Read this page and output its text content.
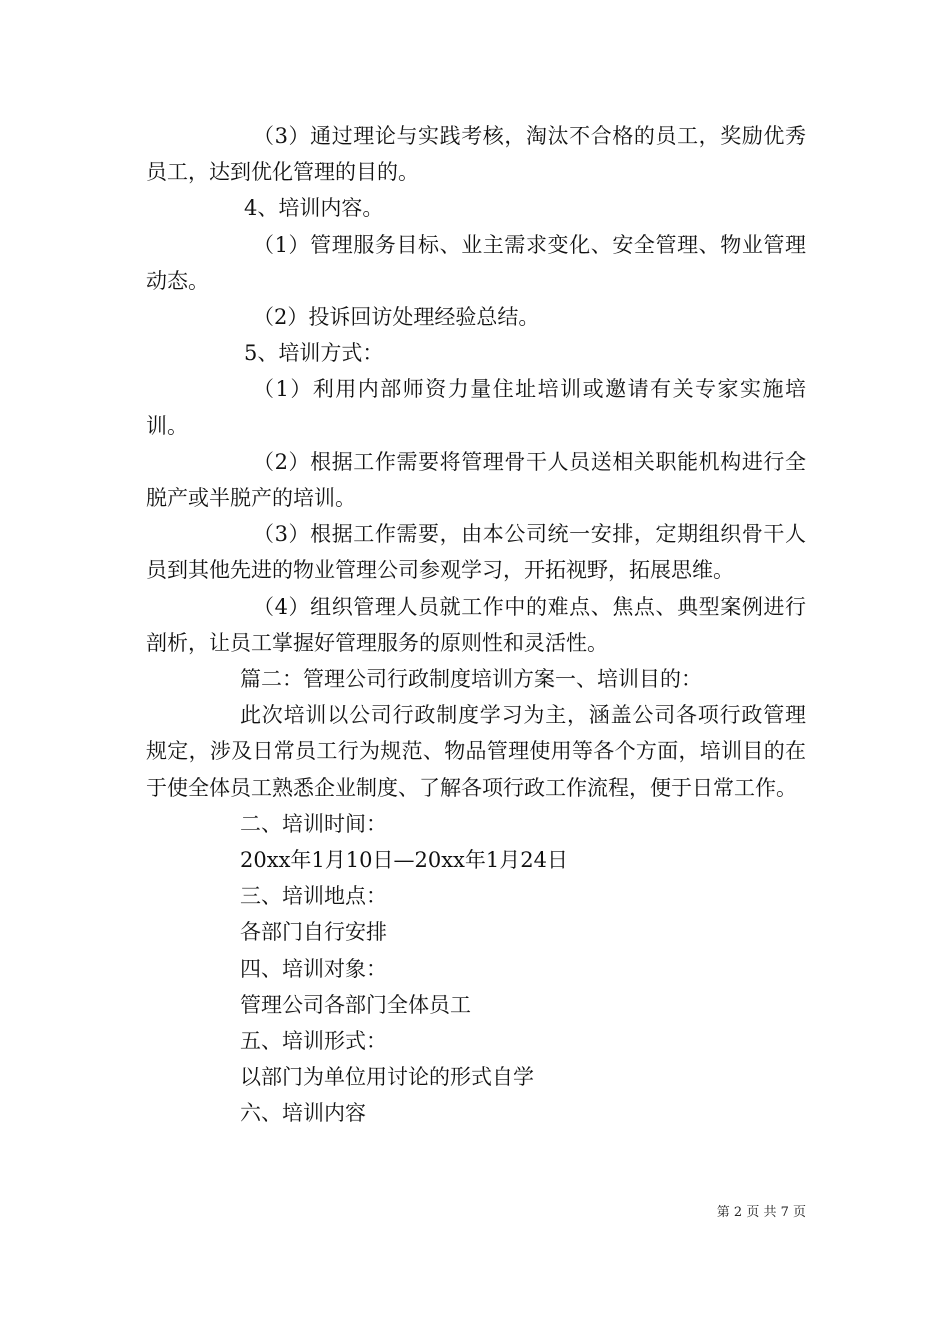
（3）通过理论与实践考核，淘汰不合格的员工，奖励优秀员工，达到优化管理的目的。

4、培训内容。

（1）管理服务目标、业主需求变化、安全管理、物业管理动态。

（2）投诉回访处理经验总结。

5、培训方式：

（1）利用内部师资力量住址培训或邀请有关专家实施培训。

（2）根据工作需要将管理骨干人员送相关职能机构进行全脱产或半脱产的培训。

（3）根据工作需要，由本公司统一安排，定期组织骨干人员到其他先进的物业管理公司参观学习，开拓视野，拓展思维。

（4）组织管理人员就工作中的难点、焦点、典型案例进行剖析，让员工掌握好管理服务的原则性和灵活性。

篇二：管理公司行政制度培训方案一、培训目的：

此次培训以公司行政制度学习为主，涵盖公司各项行政管理规定，涉及日常员工行为规范、物品管理使用等各个方面，培训目的在于使全体员工熟悉企业制度、了解各项行政工作流程，便于日常工作。

二、培训时间：

20xx年1月10日—20xx年1月24日

三、培训地点：

各部门自行安排

四、培训对象：

管理公司各部门全体员工

五、培训形式：

以部门为单位用讨论的形式自学

六、培训内容

第 2 页 共 7 页
